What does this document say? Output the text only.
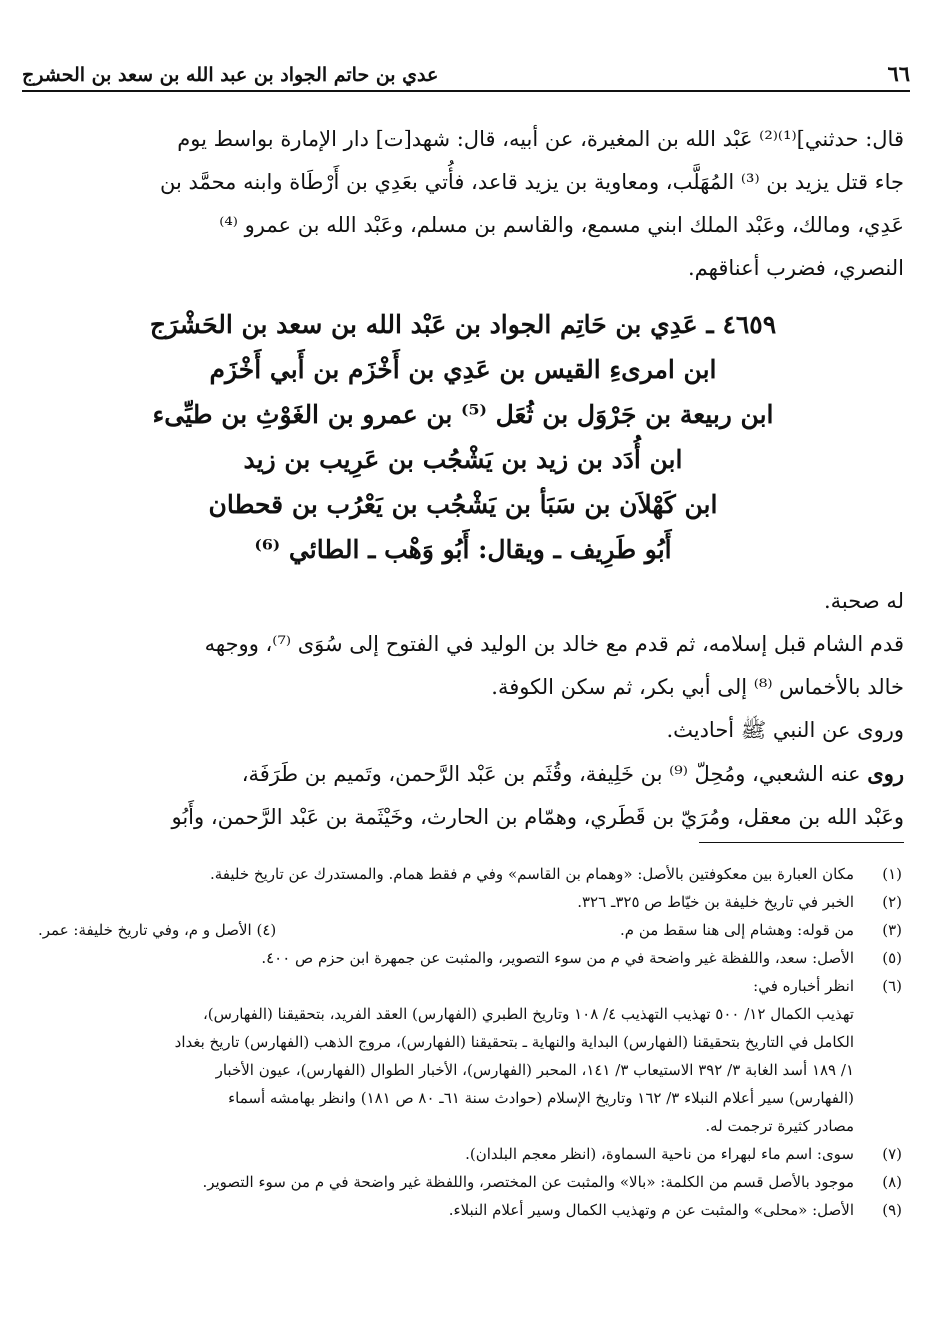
٦٦
عدي بن حاتم الجواد بن عبد الله بن سعد بن الحشرج

قال: حدثني]⁽¹⁾⁽²⁾ عَبْد الله بن المغيرة، عن أبيه، قال: شهد[ت] دار الإمارة بواسط يوم
جاء قتل يزيد بن ⁽³⁾ المُهَلَّب، ومعاوية بن يزيد قاعد، فأُتي بعَدِي بن أَرْطَاة وابنه محمَّد بن
عَدِي، ومالك، وعَبْد الملك ابني مسمع، والقاسم بن مسلم، وعَبْد الله بن عمرو ⁽⁴⁾
النصري، فضرب أعناقهم.

٤٦٥٩ ـ عَدِي بن حَاتِم الجواد بن عَبْد الله بن سعد بن الحَشْرَج
ابن امرىءِ القيس بن عَدِي بن أَخْزَم بن أَبي أَخْزَم
ابن ربيعة بن جَرْوَل بن ثُعَل ⁽⁵⁾ بن عمرو بن الغَوْثِ بن طيِّىء
ابن أُدَد بن زيد بن يَشْجُب بن عَرِيب بن زيد
ابن كَهْلاَن بن سَبَأ بن يَشْجُب بن يَعْرُب بن قحطان
أَبُو طَرِيف ـ ويقال: أَبُو وَهْب ـ الطائي ⁽⁶⁾

له صحبة.

قدم الشام قبل إسلامه، ثم قدم مع خالد بن الوليد في الفتوح إلى سُوَى ⁽⁷⁾، ووجهه
خالد بالأخماس ⁽⁸⁾ إلى أبي بكر، ثم سكن الكوفة.

وروى عن النبي ﷺ أحاديث.

روى عنه الشعبي، ومُحِلّ ⁽⁹⁾ بن خَلِيفة، وقُثَم بن عَبْد الرَّحمن، وتَميم بن طَرَفَة،
وعَبْد الله بن معقل، ومُرَيّ بن قَطَري، وهمّام بن الحارث، وخَيْثَمة بن عَبْد الرَّحمن، وأَبُو

(١)
مكان العبارة بين معكوفتين بالأصل: «وهمام بن القاسم» وفي م فقط همام. والمستدرك عن تاريخ خليفة.
(٢)
الخبر في تاريخ خليفة بن خيّاط ص ٣٢٥ـ ٣٢٦.
(٣)
من قوله: وهشام إلى هنا سقط من م.
(٤) الأصل و م، وفي تاريخ خليفة: عمر.
(٥)
الأصل: سعد، واللفظة غير واضحة في م من سوء التصوير، والمثبت عن جمهرة ابن حزم ص ٤٠٠.
(٦)
انظر أخباره في:
تهذيب الكمال ١٢/ ٥٠٠ تهذيب التهذيب ٤/ ١٠٨ وتاريخ الطبري (الفهارس) العقد الفريد، بتحقيقنا (الفهارس)،
الكامل في التاريخ بتحقيقنا (الفهارس) البداية والنهاية ـ بتحقيقنا (الفهارس)، مروج الذهب (الفهارس) تاريخ بغداد
١/ ١٨٩ أسد الغابة ٣/ ٣٩٢ الاستيعاب ٣/ ١٤١، المحبر (الفهارس)، الأخبار الطوال (الفهارس)، عيون الأخبار
(الفهارس) سير أعلام النبلاء ٣/ ١٦٢ وتاريخ الإسلام (حوادث سنة ٦١ـ ٨٠ ص ١٨١) وانظر بهامشه أسماء
مصادر كثيرة ترجمت له.
(٧)
سوى: اسم ماء لبهراء من ناحية السماوة، (انظر معجم البلدان).
(٨)
موجود بالأصل قسم من الكلمة: «بالا» والمثبت عن المختصر، واللفظة غير واضحة في م من سوء التصوير.
(٩)
الأصل: «محلى» والمثبت عن م وتهذيب الكمال وسير أعلام النبلاء.
